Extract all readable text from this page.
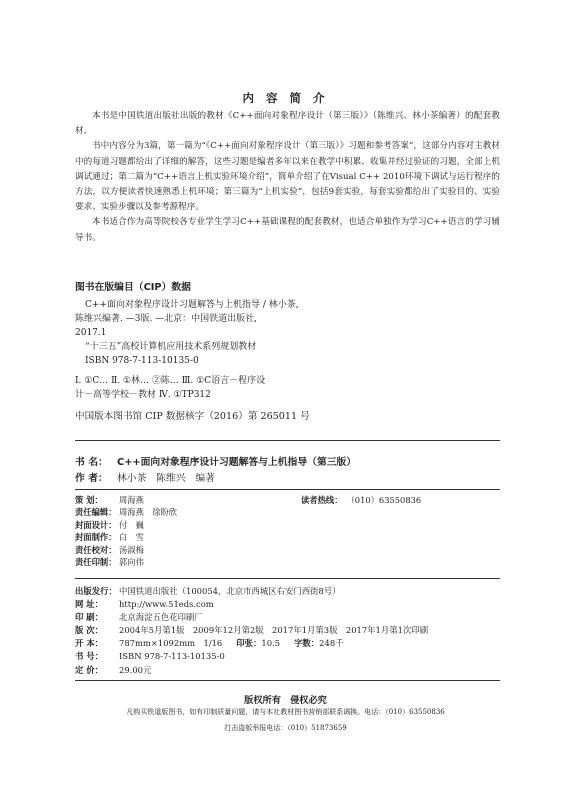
内 容 简 介

本书是中国铁道出版社出版的教材《C++面向对象程序设计（第三版）》（陈维兴、林小茶编著）的配套教材。

书中内容分为3篇，第一篇为“《C++面向对象程序设计（第三版）》习题和参考答案”，这部分内容对主教材中的每道习题都给出了详细的解答，这些习题是编者多年以来在教学中积累、收集并经过验证的习题，全部上机调试通过；第二篇为“C++语言上机实验环境介绍”，简单介绍了在Visual C++ 2010环境下调试与运行程序的方法，以方便读者快速熟悉上机环境；第三篇为“上机实验”，包括9套实验，每套实验都给出了实验目的、实验要求、实验步骤以及参考源程序。

本书适合作为高等院校各专业学生学习C++基础课程的配套教材，也适合单独作为学习C++语言的学习辅导书。

图书在版编目（CIP）数据
C++面向对象程序设计习题解答与上机指导 / 林小茶,
陈维兴编著. —3版. —北京：中国铁道出版社,
2017.1
“十三五”高校计算机应用技术系列规划教材
ISBN 978-7-113-10135-0
Ⅰ. ①C… Ⅱ. ①林… ②陈… Ⅲ. ①C语言－程序设
计－高等学校－教材 Ⅳ. ①TP312
中国版本图书馆 CIP 数据核字（2016）第 265011 号
书 名： C++面向对象程序设计习题解答与上机指导（第三版）
作 者： 林小茶　陈维兴　编著
策 划： 周海燕
责任编辑： 周海燕　徐盼欣
封面设计： 付　巍
封面制作： 白　雪
责任校对： 汤淑梅
责任印制： 郭向伟
读者热线： （010）63550836
出版发行： 中国铁道出版社（100054，北京市西城区右安门西街8号）
网 址： http://www.51eds.com
印 刷： 北京海淀五色花印刷厂
版 次： 2004年5月第1版　2009年12月第2版　2017年1月第3版　2017年1月第1次印刷
开 本： 787mm×1092mm　1/16 印张：10.5 字数：248千
书 号： ISBN 978-7-113-10135-0
定 价： 29.00元
版权所有　侵权必究
凡购买铁道版图书，如有印制质量问题，请与本社教材图书营销部联系调换。电话：（010）63550836
打击盗版举报电话：（010）51873659
